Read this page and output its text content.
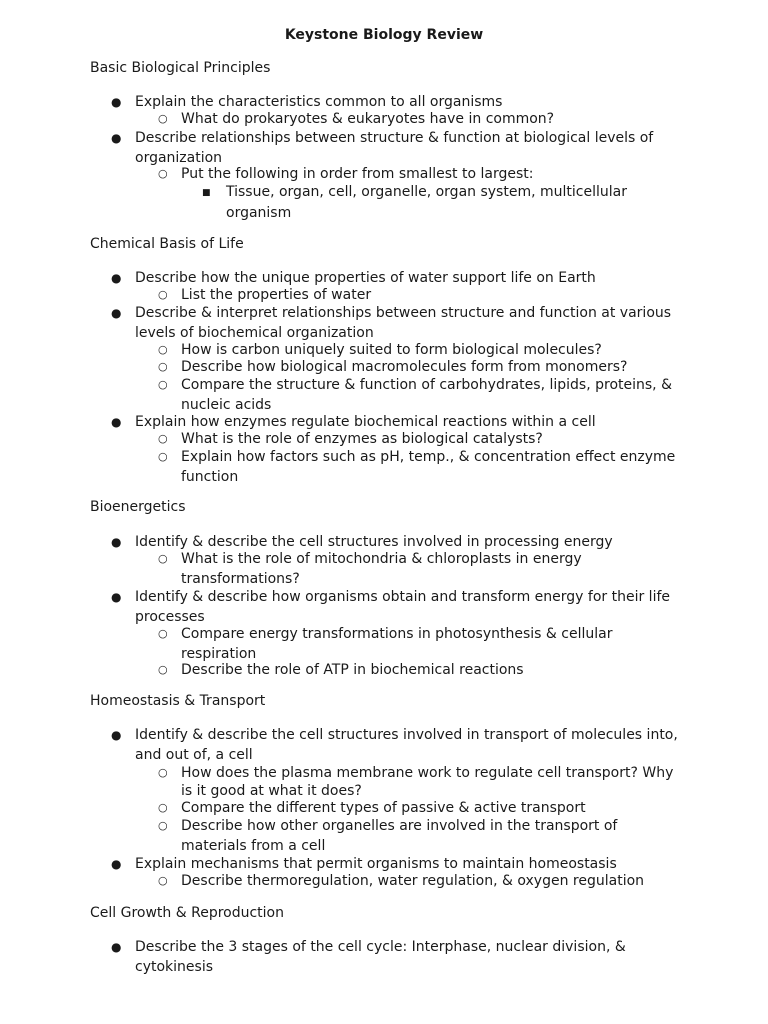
Keystone Biology Review
Basic Biological Principles
● Explain the characteristics common to all organisms
○ What do prokaryotes & eukaryotes have in common?
● Describe relationships between structure & function at biological levels of
organization
○ Put the following in order from smallest to largest:
■ Tissue, organ, cell, organelle, organ system, multicellular
organism
Chemical Basis of Life
● Describe how the unique properties of water support life on Earth
○ List the properties of water
● Describe & interpret relationships between structure and function at various
levels of biochemical organization
○ How is carbon uniquely suited to form biological molecules?
○ Describe how biological macromolecules form from monomers?
○ Compare the structure & function of carbohydrates, lipids, proteins, &
nucleic acids
● Explain how enzymes regulate biochemical reactions within a cell
○ What is the role of enzymes as biological catalysts?
○ Explain how factors such as pH, temp., & concentration effect enzyme
function
Bioenergetics
● Identify & describe the cell structures involved in processing energy
○ What is the role of mitochondria & chloroplasts in energy
transformations?
● Identify & describe how organisms obtain and transform energy for their life
processes
○ Compare energy transformations in photosynthesis & cellular
respiration
○ Describe the role of ATP in biochemical reactions
Homeostasis & Transport
● Identify & describe the cell structures involved in transport of molecules into,
and out of, a cell
○ How does the plasma membrane work to regulate cell transport? Why
is it good at what it does?
○ Compare the different types of passive & active transport
○ Describe how other organelles are involved in the transport of
materials from a cell
● Explain mechanisms that permit organisms to maintain homeostasis
○ Describe thermoregulation, water regulation, & oxygen regulation
Cell Growth & Reproduction
● Describe the 3 stages of the cell cycle: Interphase, nuclear division, &
cytokinesis
